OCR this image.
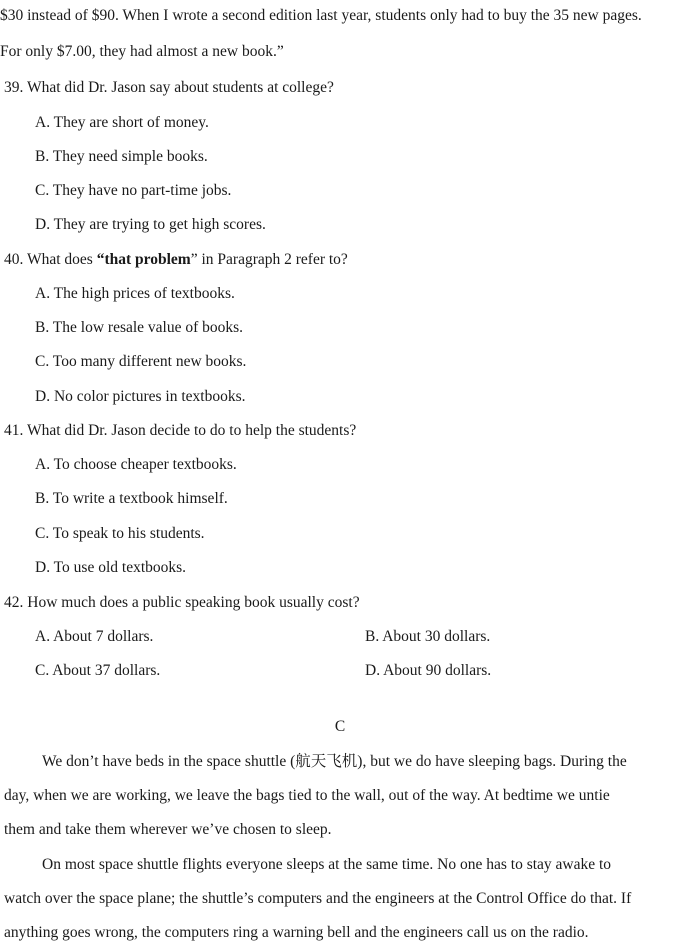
$30 instead of $90. When I wrote a second edition last year, students only had to buy the 35 new pages.
For only $7.00, they had almost a new book.”
39. What did Dr. Jason say about students at college?
A. They are short of money.
B. They need simple books.
C. They have no part-time jobs.
D. They are trying to get high scores.
40. What does “that problem” in Paragraph 2 refer to?
A. The high prices of textbooks.
B. The low resale value of books.
C. Too many different new books.
D. No color pictures in textbooks.
41. What did Dr. Jason decide to do to help the students?
A. To choose cheaper textbooks.
B. To write a textbook himself.
C. To speak to his students.
D. To use old textbooks.
42. How much does a public speaking book usually cost?
A. About 7 dollars.	B. About 30 dollars.
C. About 37 dollars.	D. About 90 dollars.
C
We don’t have beds in the space shuttle (航天飞机), but we do have sleeping bags. During the
day, when we are working, we leave the bags tied to the wall, out of the way. At bedtime we untie
them and take them wherever we’ve chosen to sleep.
On most space shuttle flights everyone sleeps at the same time. No one has to stay awake to
watch over the space plane; the shuttle’s computers and the engineers at the Control Office do that. If
anything goes wrong, the computers ring a warning bell and the engineers call us on the radio.
